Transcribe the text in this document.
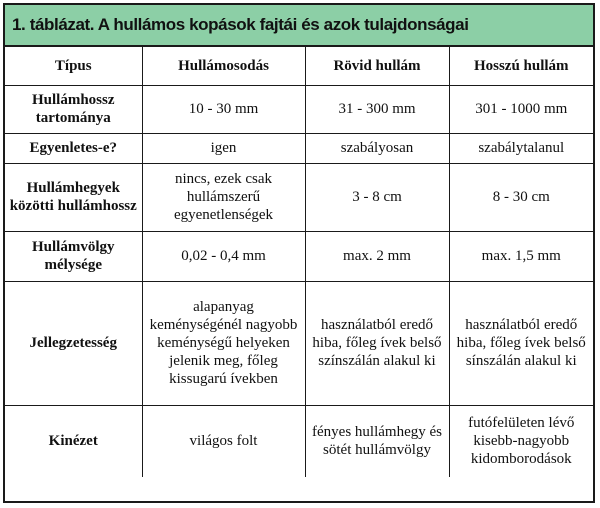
1. táblázat. A hullámos kopások fajtái és azok tulajdonságai
Típus	Hullámosodás	Rövid hullám	Hosszú hullám
Hullámhossz tartománya	10 - 30 mm	31 - 300 mm	301 - 1000 mm
Egyenletes-e?	igen	szabályosan	szabálytalanul
Hullámhegyek közötti hullámhossz	nincs, ezek csak hullámszerű egyenetlenségek	3 - 8 cm	8 - 30 cm
Hullámvölgy mélysége	0,02 - 0,4 mm	max. 2 mm	max. 1,5 mm
Jellegzetesség	alapanyag keménységénél nagyobb keménységű helyeken jelenik meg, főleg kissugarú ívekben	használatból eredő hiba, főleg ívek belső színszálán alakul ki	használatból eredő hiba, főleg ívek belső sínszálán alakul ki
Kinézet	világos folt	fényes hullámhegy és sötét hullámvölgy	futófelületen lévő kisebb-nagyobb kidomborodások
